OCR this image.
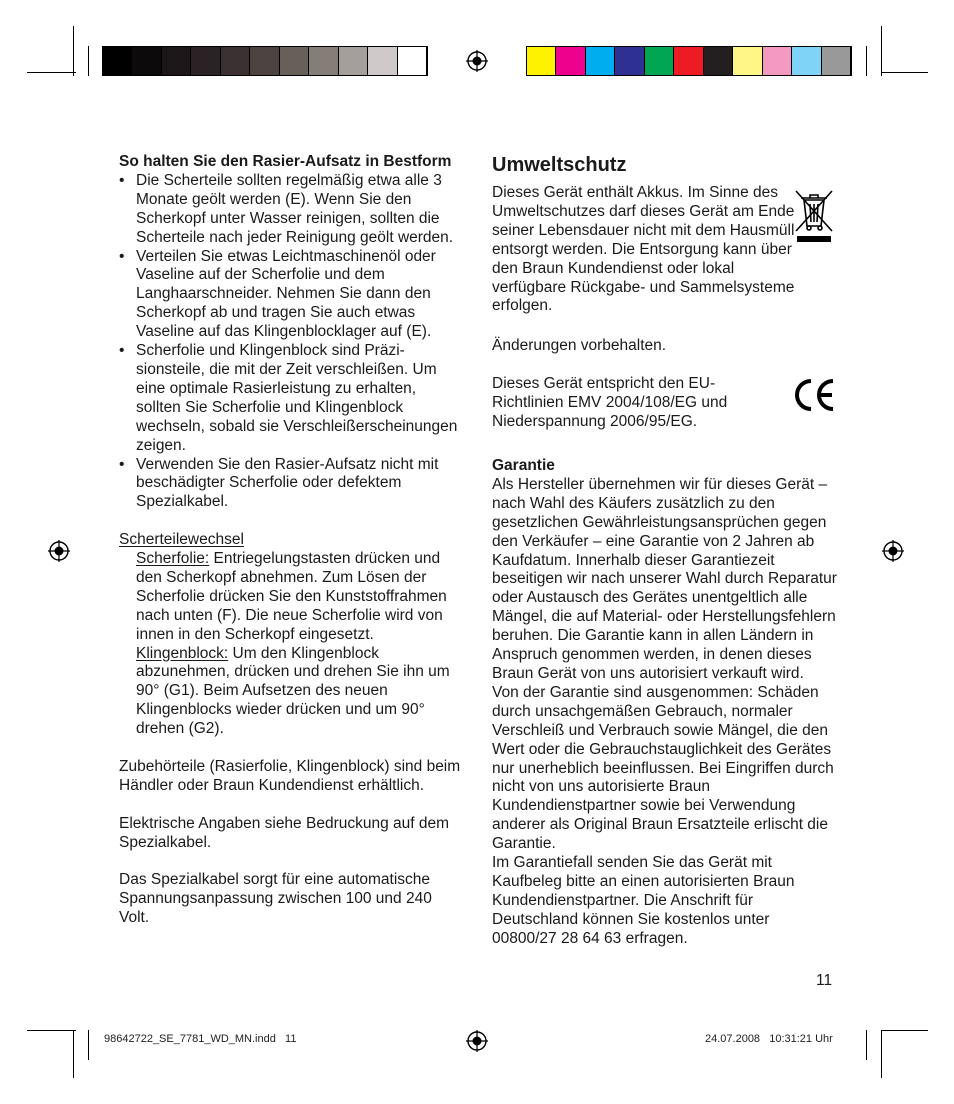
So halten Sie den Rasier-Aufsatz in Bestform

• Die Scherteile sollten regelmäßig etwa alle 3 Monate geölt werden (E). Wenn Sie den Scherkopf unter Wasser reinigen, sollten die Scherteile nach jeder Reinigung geölt werden.

• Verteilen Sie etwas Leichtmaschinenöl oder Vaseline auf der Scherfolie und dem Langhaarschneider. Nehmen Sie dann den Scherkopf ab und tragen Sie auch etwas Vaseline auf das Klingenblocklager auf (E).

• Scherfolie und Klingenblock sind Präzisionsteile, die mit der Zeit verschleißen. Um eine optimale Rasierleistung zu erhalten, sollten Sie Scherfolie und Klingenblock wechseln, sobald sie Verschleißerscheinungen zeigen.

• Verwenden Sie den Rasier-Aufsatz nicht mit beschädigter Scherfolie oder defektem Spezialkabel.

Scherteilewechsel

Scherfolie: Entriegelungstasten drücken und den Scherkopf abnehmen. Zum Lösen der Scherfolie drücken Sie den Kunststoffrahmen nach unten (F). Die neue Scherfolie wird von innen in den Scherkopf eingesetzt.

Klingenblock: Um den Klingenblock abzunehmen, drücken und drehen Sie ihn um 90° (G1). Beim Aufsetzen des neuen Klingenblocks wieder drücken und um 90° drehen (G2).

Zubehörteile (Rasierfolie, Klingenblock) sind beim Händler oder Braun Kundendienst erhältlich.

Elektrische Angaben siehe Bedruckung auf dem Spezialkabel.

Das Spezialkabel sorgt für eine automatische Spannungsanpassung zwischen 100 und 240 Volt.

Umweltschutz
Dieses Gerät enthält Akkus. Im Sinne des Umweltschutzes darf dieses Gerät am Ende seiner Lebensdauer nicht mit dem Hausmüll entsorgt werden. Die Entsorgung kann über den Braun Kundendienst oder lokal verfügbare Rückgabe- und Sammelsysteme erfolgen.
Änderungen vorbehalten.
Dieses Gerät entspricht den EU-Richtlinien EMV 2004/108/EG und Niederspannung 2006/95/EG.

Garantie

Als Hersteller übernehmen wir für dieses Gerät – nach Wahl des Käufers zusätzlich zu den gesetzlichen Gewährleistungsansprüchen gegen den Verkäufer – eine Garantie von 2 Jahren ab Kaufdatum. Innerhalb dieser Garantiezeit beseitigen wir nach unserer Wahl durch Reparatur oder Austausch des Gerätes unentgeltlich alle Mängel, die auf Material- oder Herstellungsfehlern beruhen. Die Garantie kann in allen Ländern in Anspruch genommen werden, in denen dieses Braun Gerät von uns autorisiert verkauft wird.

Von der Garantie sind ausgenommen: Schäden durch unsachgemäßen Gebrauch, normaler Verschleiß und Verbrauch sowie Mängel, die den Wert oder die Gebrauchstauglichkeit des Gerätes nur unerheblich beeinflussen. Bei Eingriffen durch nicht von uns autorisierte Braun Kundendienstpartner sowie bei Verwendung anderer als Original Braun Ersatzteile erlischt die Garantie.

Im Garantiefall senden Sie das Gerät mit Kaufbeleg bitte an einen autorisierten Braun Kundendienstpartner. Die Anschrift für Deutschland können Sie kostenlos unter 00800/27 28 64 63 erfragen.

11
98642722_SE_7781_WD_MN.indd   11	24.07.2008   10:31:21 Uhr
